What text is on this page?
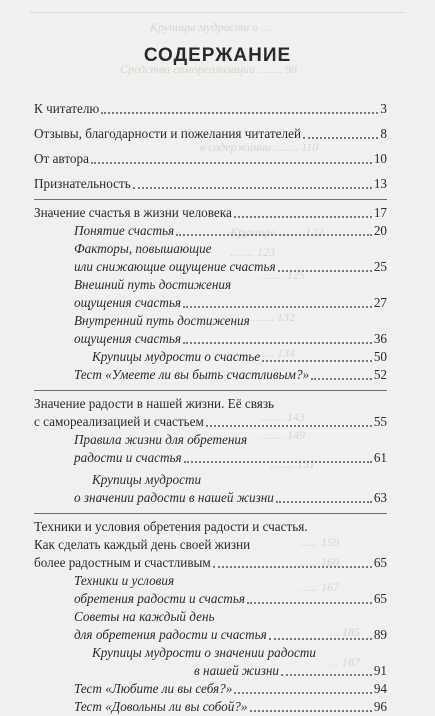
Крупицы мудрости о ...
Средства самореализации ........ 98
в содержании ........ 110
Крупицы ........ 122
........ 123
........ 125
........ 132
........ 134
........ 143
........ 149
........ 151
...... 159
...... 160
...... 167
... 185
... 187
СОДЕРЖАНИЕ
К читателю	3
Отзывы, благодарности и пожелания читателей	8
От автора	10
Признательность	13
Значение счастья в жизни человека	17
Понятие счастья	20
Факторы, повышающие
или снижающие ощущение счастья	25
Внешний путь достижения
ощущения счастья	27
Внутренний путь достижения
ощущения счастья	36
Крупицы мудрости о счастье	50
Тест «Умеете ли вы быть счастливым?»	52
Значение радости в нашей жизни. Её связь
с самореализацией и счастьем	55
Правила жизни для обретения
радости и счастья	61
Крупицы мудрости
о значении радости в нашей жизни	63
Техники и условия обретения радости и счастья.
Как сделать каждый день своей жизни
более радостным и счастливым	65
Техники и условия
обретения радости и счастья	65
Советы на каждый день
для обретения радости и счастья	89
Крупицы мудрости о значении радости
в нашей жизни	91
Тест «Любите ли вы себя?»	94
Тест «Довольны ли вы собой?»	96
